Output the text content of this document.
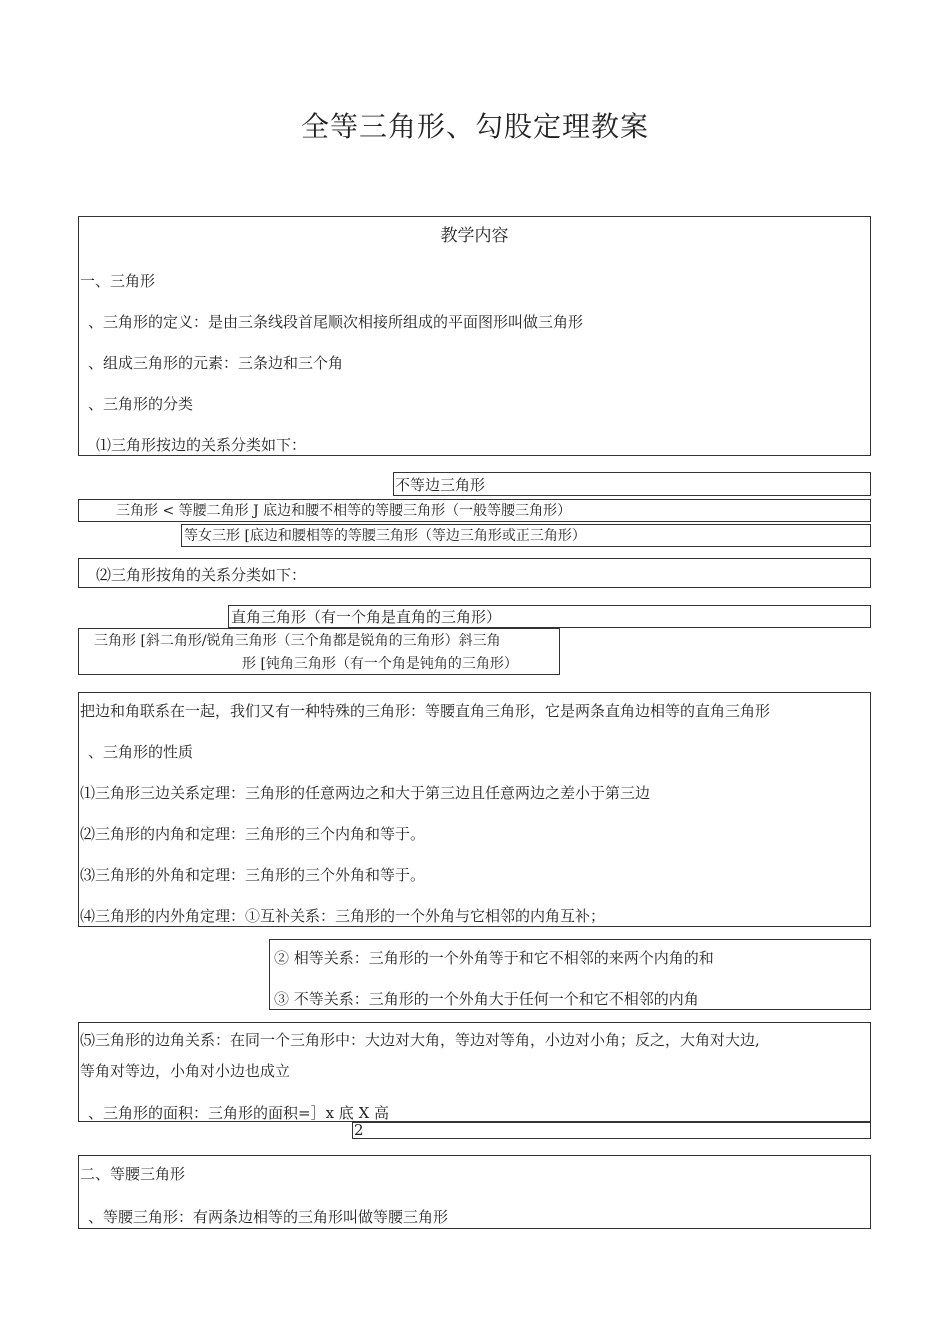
全等三角形、勾股定理教案
教学内容
一、三角形
、三角形的定义：是由三条线段首尾顺次相接所组成的平面图形叫做三角形
、组成三角形的元素：三条边和三个角
、三角形的分类
⑴三角形按边的关系分类如下：
不等边三角形
三角形 < 等腰二角形 J 底边和腰不相等的等腰三角形（一般等腰三角形）
等女三形 [底边和腰相等的等腰三角形（等边三角形或正三角形）
⑵三角形按角的关系分类如下：
直角三角形（有一个角是直角的三角形）
三角形 [斜二角形/锐角三角形（三个角都是锐角的三角形）斜三角
形 [钝角三角形（有一个角是钝角的三角形）
把边和角联系在一起，我们又有一种特殊的三角形：等腰直角三角形，它是两条直角边相等的直角三角形
、三角形的性质
⑴三角形三边关系定理：三角形的任意两边之和大于第三边且任意两边之差小于第三边
⑵三角形的内角和定理：三角形的三个内角和等于。
⑶三角形的外角和定理：三角形的三个外角和等于。
⑷三角形的内外角定理：①互补关系：三角形的一个外角与它相邻的内角互补；
② 相等关系：三角形的一个外角等于和它不相邻的来两个内角的和
③ 不等关系：三角形的一个外角大于任何一个和它不相邻的内角
⑸三角形的边角关系：在同一个三角形中：大边对大角，等边对等角，小边对小角；反之，大角对大边,
等角对等边，小角对小边也成立
、三角形的面积：三角形的面积=］x 底 X 高
2
二、等腰三角形
、等腰三角形：有两条边相等的三角形叫做等腰三角形
